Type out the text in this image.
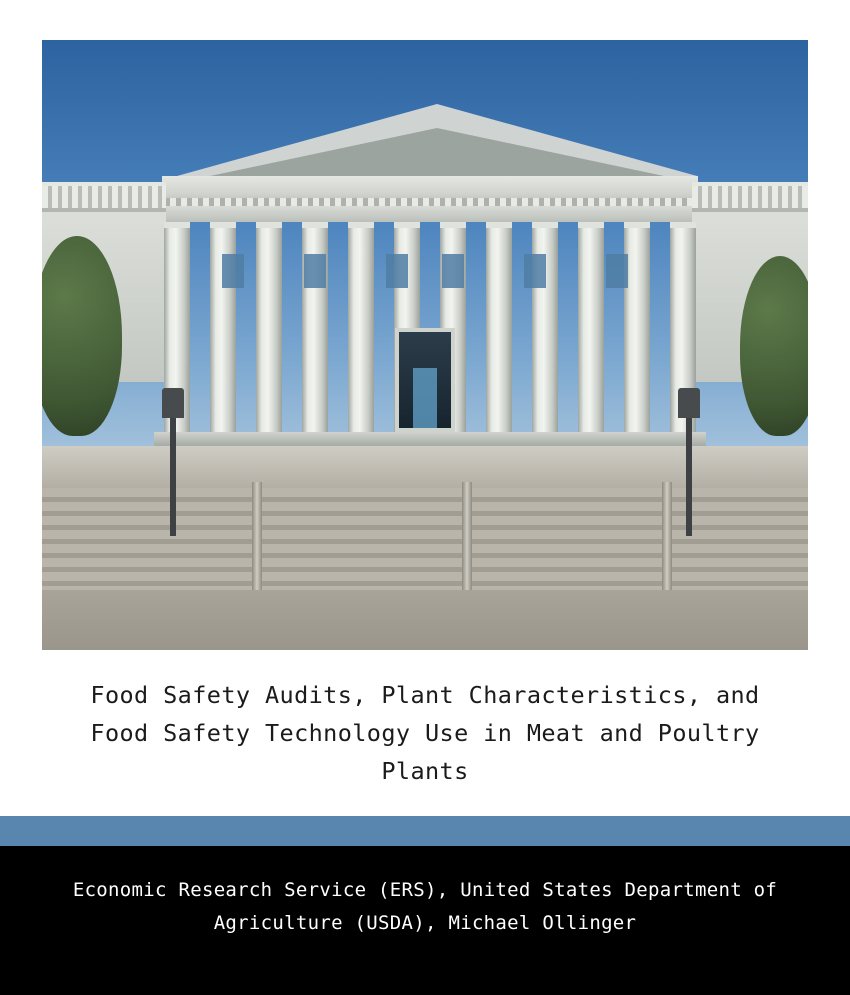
Food Safety Audits, Plant Characteristics, and Food Safety Technology Use in Meat and Poultry Plants
Economic Research Service (ERS), United States Department of Agriculture (USDA), Michael Ollinger
